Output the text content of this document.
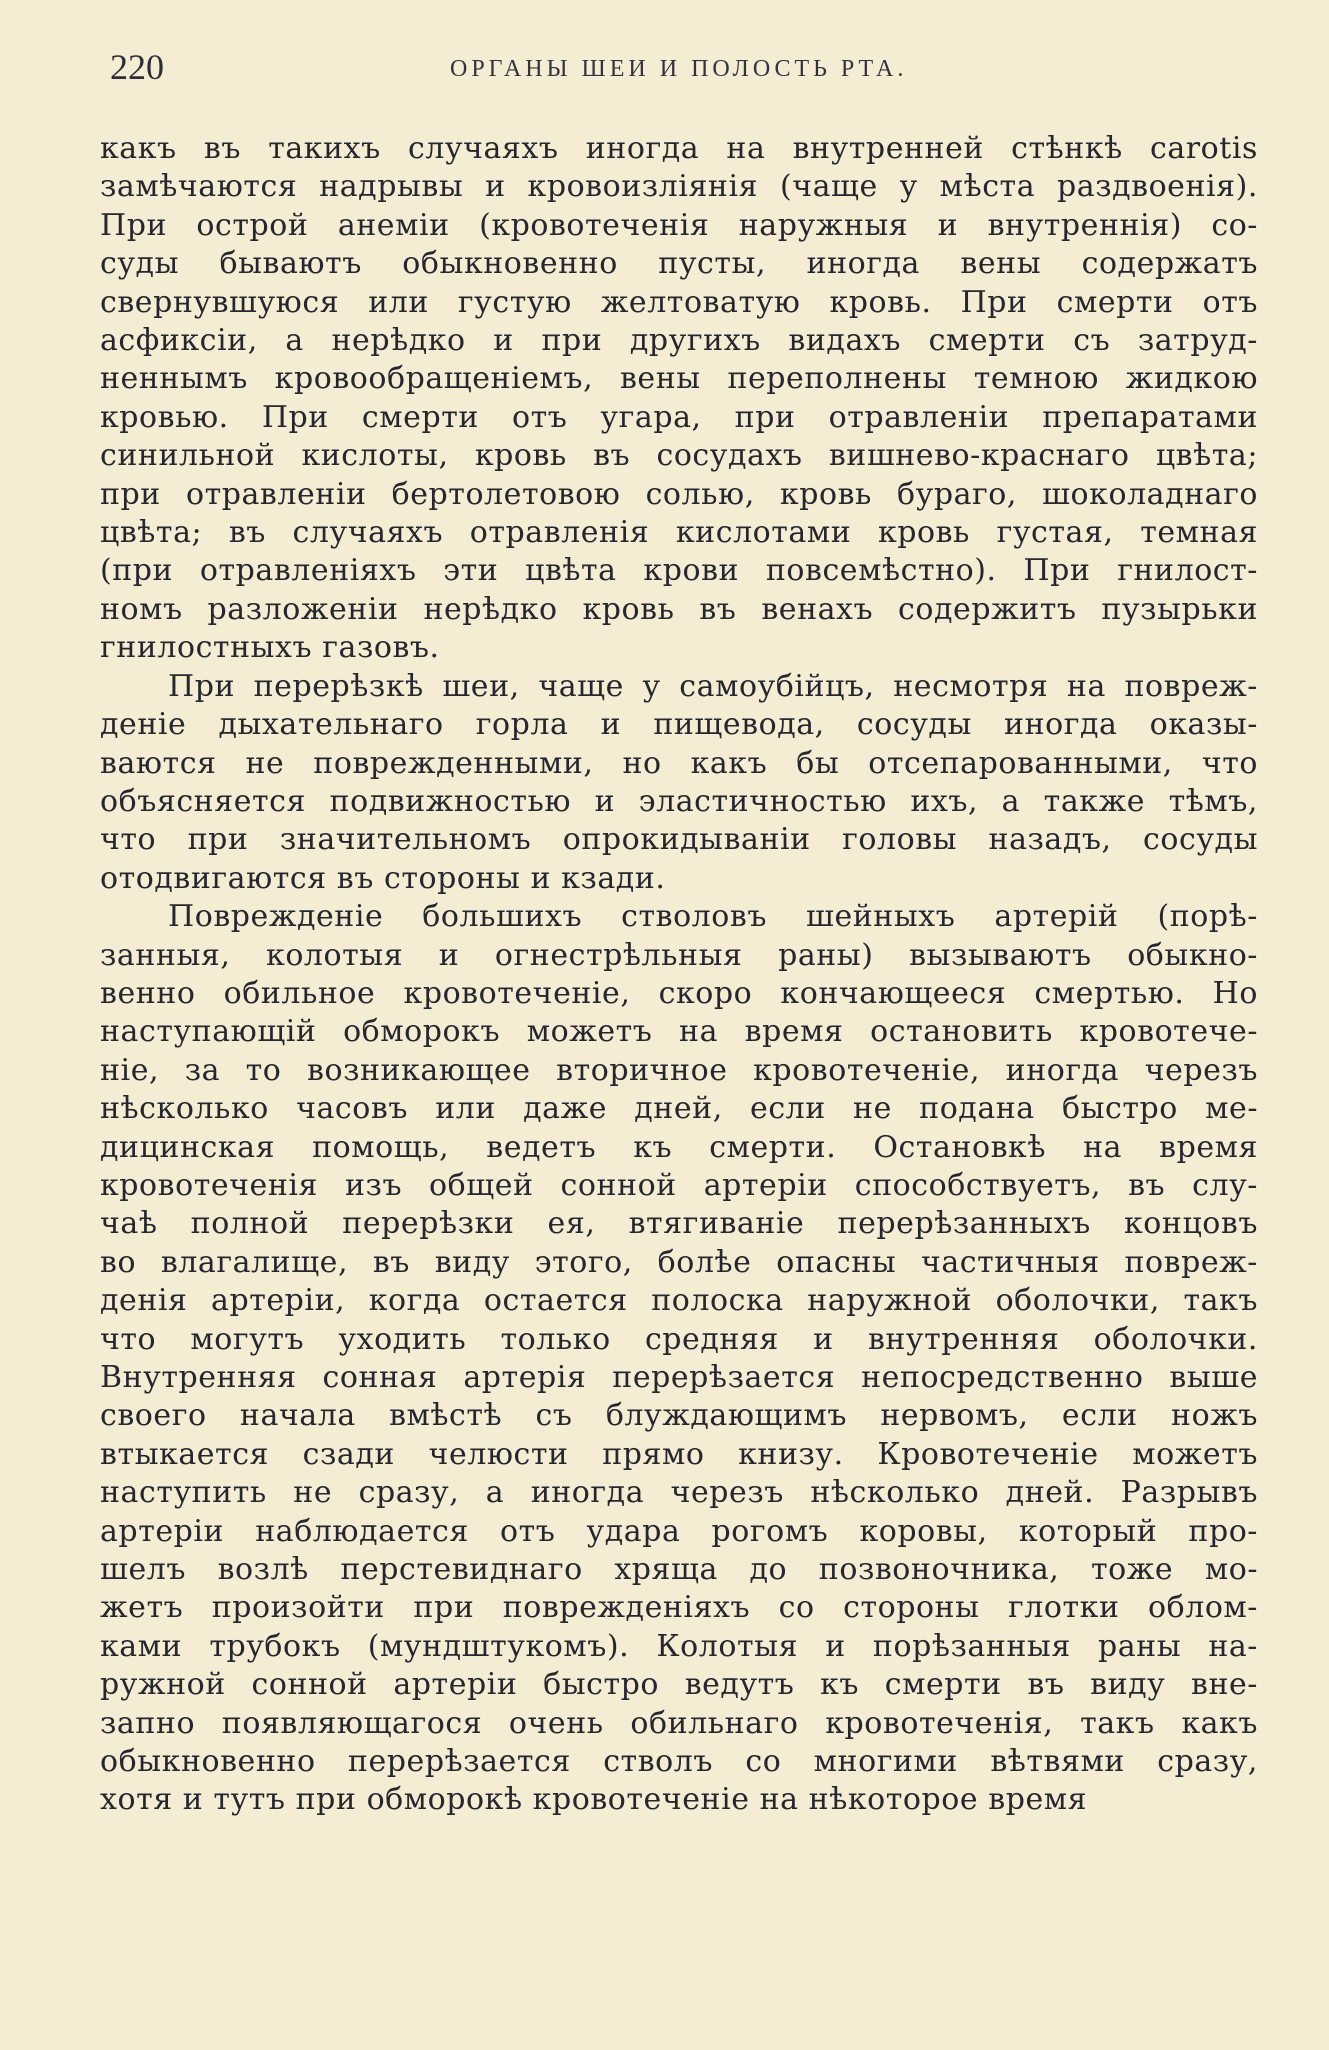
220	ОРГАНЫ ШЕИ И ПОЛОСТЬ РТА.

какъ въ такихъ случаяхъ иногда на внутренней стѣнкѣ carotis
замѣчаются надрывы и кровоизліянія (чаще у мѣста раздвоенія).
При острой анеміи (кровотеченія наружныя и внутреннія) со-
суды бываютъ обыкновенно пусты, иногда вены содержатъ
свернувшуюся или густую желтоватую кровь. При смерти отъ
асфиксіи, а нерѣдко и при другихъ видахъ смерти съ затруд-
неннымъ кровообращеніемъ, вены переполнены темною жидкою
кровью. При смерти отъ угара, при отравленіи препаратами
синильной кислоты, кровь въ сосудахъ вишнево-краснаго цвѣта;
при отравленіи бертолетовою солью, кровь бураго, шоколаднаго
цвѣта; въ случаяхъ отравленія кислотами кровь густая, темная
(при отравленіяхъ эти цвѣта крови повсемѣстно). При гнилост-
номъ разложеніи нерѣдко кровь въ венахъ содержитъ пузырьки
гнилостныхъ газовъ.

При перерѣзкѣ шеи, чаще у самоубійцъ, несмотря на повреж-
деніе дыхательнаго горла и пищевода, сосуды иногда оказы-
ваются не поврежденными, но какъ бы отсепарованными, что
объясняется подвижностью и эластичностью ихъ, а также тѣмъ,
что при значительномъ опрокидываніи головы назадъ, сосуды
отодвигаются въ стороны и кзади.

Поврежденіе большихъ стволовъ шейныхъ артерій (порѣ-
занныя, колотыя и огнестрѣльныя раны) вызываютъ обыкно-
венно обильное кровотеченіе, скоро кончающееся смертью. Но
наступающій обморокъ можетъ на время остановить кровотече-
ніе, за то возникающее вторичное кровотеченіе, иногда черезъ
нѣсколько часовъ или даже дней, если не подана быстро ме-
дицинская помощь, ведетъ къ смерти. Остановкѣ на время
кровотеченія изъ общей сонной артеріи способствуетъ, въ слу-
чаѣ полной перерѣзки ея, втягиваніе перерѣзанныхъ концовъ
во влагалище, въ виду этого, болѣе опасны частичныя повреж-
денія артеріи, когда остается полоска наружной оболочки, такъ
что могутъ уходить только средняя и внутренняя оболочки.
Внутренняя сонная артерія перерѣзается непосредственно выше
своего начала вмѣстѣ съ блуждающимъ нервомъ, если ножъ
втыкается сзади челюсти прямо книзу. Кровотеченіе можетъ
наступить не сразу, а иногда черезъ нѣсколько дней. Разрывъ
артеріи наблюдается отъ удара рогомъ коровы, который про-
шелъ возлѣ перстевиднаго хряща до позвоночника, тоже мо-
жетъ произойти при поврежденіяхъ со стороны глотки облом-
ками трубокъ (мундштукомъ). Колотыя и порѣзанныя раны на-
ружной сонной артеріи быстро ведутъ къ смерти въ виду вне-
запно появляющагося очень обильнаго кровотеченія, такъ какъ
обыкновенно перерѣзается стволъ со многими вѣтвями сразу,
хотя и тутъ при обморокѣ кровотеченіе на нѣкоторое время
